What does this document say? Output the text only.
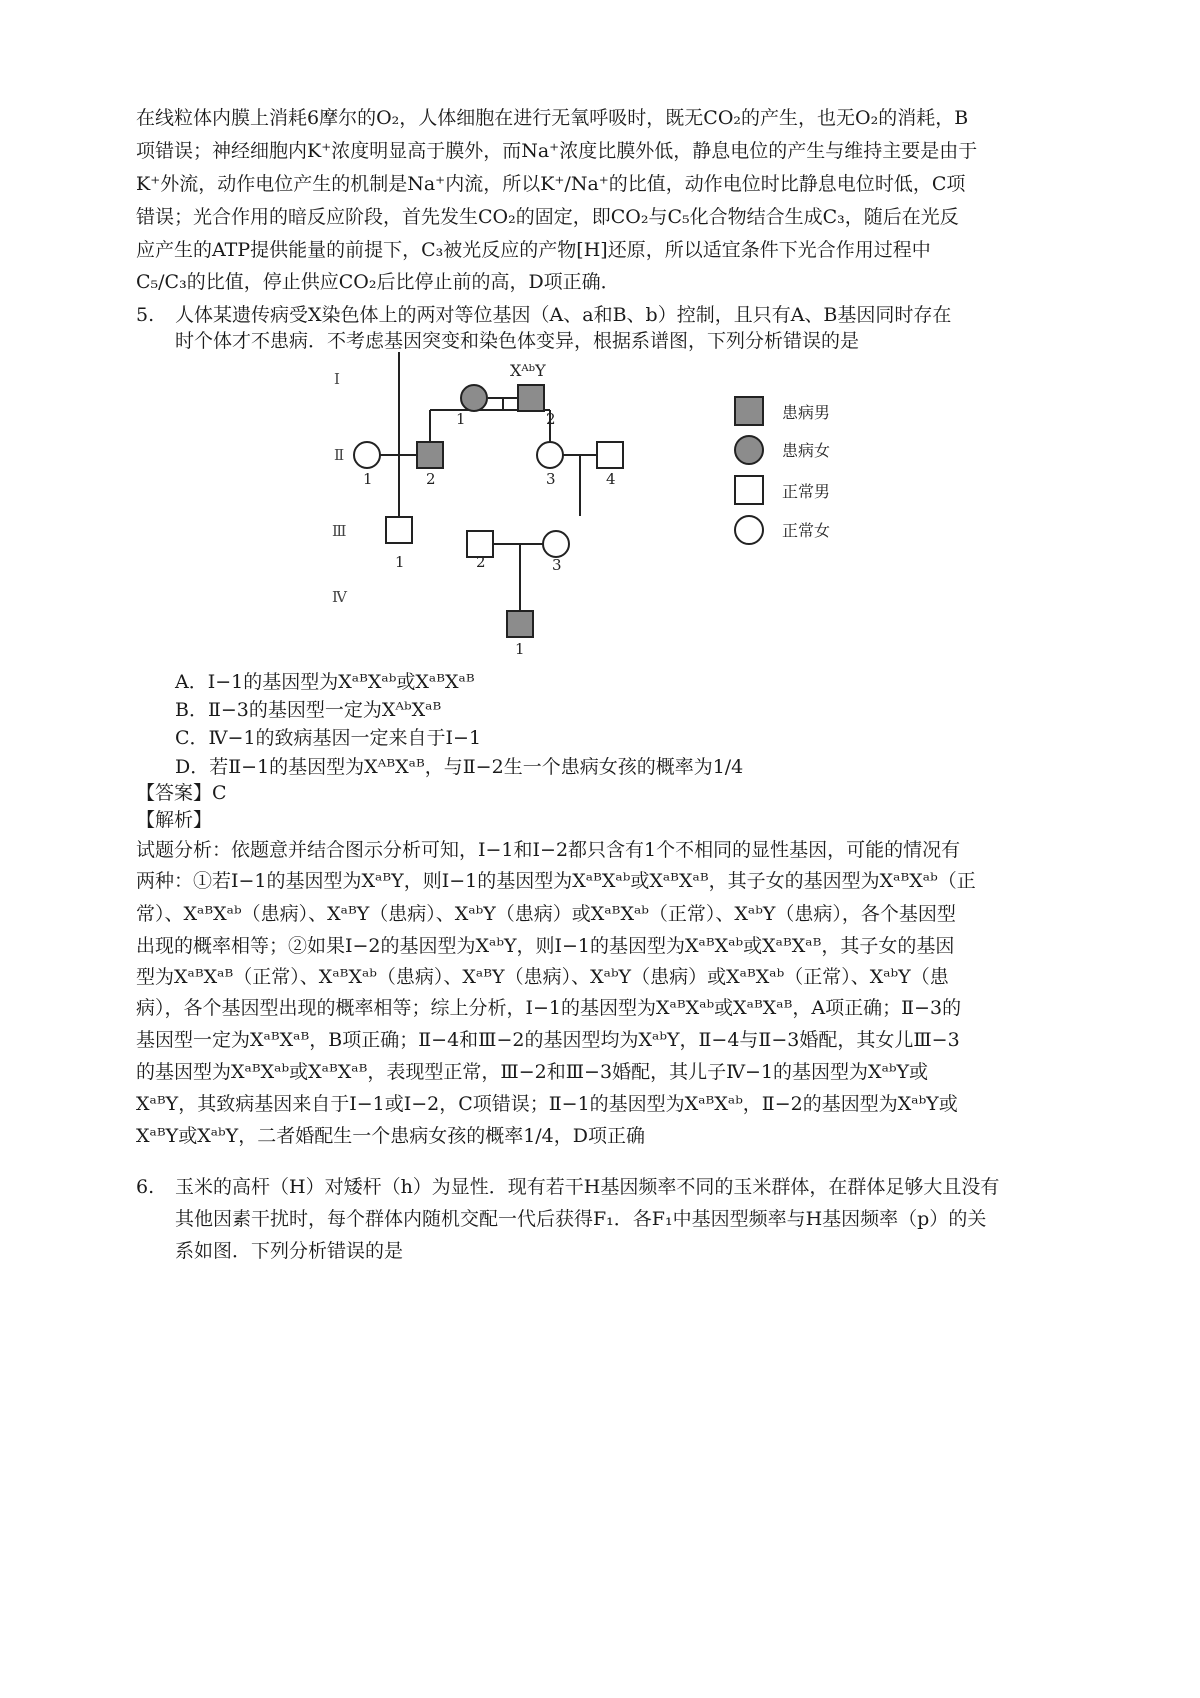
在线粒体内膜上消耗6摩尔的O₂，人体细胞在进行无氧呼吸时，既无CO₂的产生，也无O₂的消耗，B
项错误；神经细胞内K⁺浓度明显高于膜外，而Na⁺浓度比膜外低，静息电位的产生与维持主要是由于
K⁺外流，动作电位产生的机制是Na⁺内流，所以K⁺/Na⁺的比值，动作电位时比静息电位时低，C项
错误；光合作用的暗反应阶段，首先发生CO₂的固定，即CO₂与C₅化合物结合生成C₃，随后在光反
应产生的ATP提供能量的前提下，C₃被光反应的产物[H]还原，所以适宜条件下光合作用过程中
C₅/C₃的比值，停止供应CO₂后比停止前的高，D项正确．
5. 人体某遗传病受X染色体上的两对等位基因（A、a和B、b）控制，且只有A、B基因同时存在
时个体才不患病．不考虑基因突变和染色体变异，根据系谱图，下列分析错误的是
Ⅰ
Ⅱ
Ⅲ
Ⅳ
XᴬᵇY
1	2
1	2	3	4
1	2	3
1
患病男
患病女
正常男
正常女
A．Ⅰ−1的基因型为XᵃᴮXᵃᵇ或XᵃᴮXᵃᴮ
B．Ⅱ−3的基因型一定为XᴬᵇXᵃᴮ
C．Ⅳ−1的致病基因一定来自于Ⅰ−1
D．若Ⅱ−1的基因型为XᴬᴮXᵃᴮ，与Ⅱ−2生一个患病女孩的概率为1/4
【答案】C
【解析】
试题分析：依题意并结合图示分析可知，Ⅰ−1和Ⅰ−2都只含有1个不相同的显性基因，可能的情况有
两种：①若Ⅰ−1的基因型为XᵃᴮY，则Ⅰ−1的基因型为XᵃᴮXᵃᵇ或XᵃᴮXᵃᴮ，其子女的基因型为XᵃᴮXᵃᵇ（正
常）、XᵃᴮXᵃᵇ（患病）、XᵃᴮY（患病）、XᵃᵇY（患病）或XᵃᴮXᵃᵇ（正常）、XᵃᵇY（患病），各个基因型
出现的概率相等；②如果Ⅰ−2的基因型为XᵃᵇY，则Ⅰ−1的基因型为XᵃᴮXᵃᵇ或XᵃᴮXᵃᴮ，其子女的基因
型为XᵃᴮXᵃᴮ（正常）、XᵃᴮXᵃᵇ（患病）、XᵃᴮY（患病）、XᵃᵇY（患病）或XᵃᴮXᵃᵇ（正常）、XᵃᵇY（患
病），各个基因型出现的概率相等；综上分析，Ⅰ−1的基因型为XᵃᴮXᵃᵇ或XᵃᴮXᵃᴮ，A项正确；Ⅱ−3的
基因型一定为XᵃᴮXᵃᴮ，B项正确；Ⅱ−4和Ⅲ−2的基因型均为XᵃᵇY，Ⅱ−4与Ⅱ−3婚配，其女儿Ⅲ−3
的基因型为XᵃᴮXᵃᵇ或XᵃᴮXᵃᴮ，表现型正常，Ⅲ−2和Ⅲ−3婚配，其儿子Ⅳ−1的基因型为XᵃᵇY或
XᵃᴮY，其致病基因来自于Ⅰ−1或Ⅰ−2，C项错误；Ⅱ−1的基因型为XᵃᴮXᵃᵇ，Ⅱ−2的基因型为XᵃᵇY或
XᵃᴮY或XᵃᵇY，二者婚配生一个患病女孩的概率1/4，D项正确
6. 玉米的高杆（H）对矮杆（h）为显性．现有若干H基因频率不同的玉米群体，在群体足够大且没有
其他因素干扰时，每个群体内随机交配一代后获得F₁．各F₁中基因型频率与H基因频率（p）的关
系如图．下列分析错误的是
